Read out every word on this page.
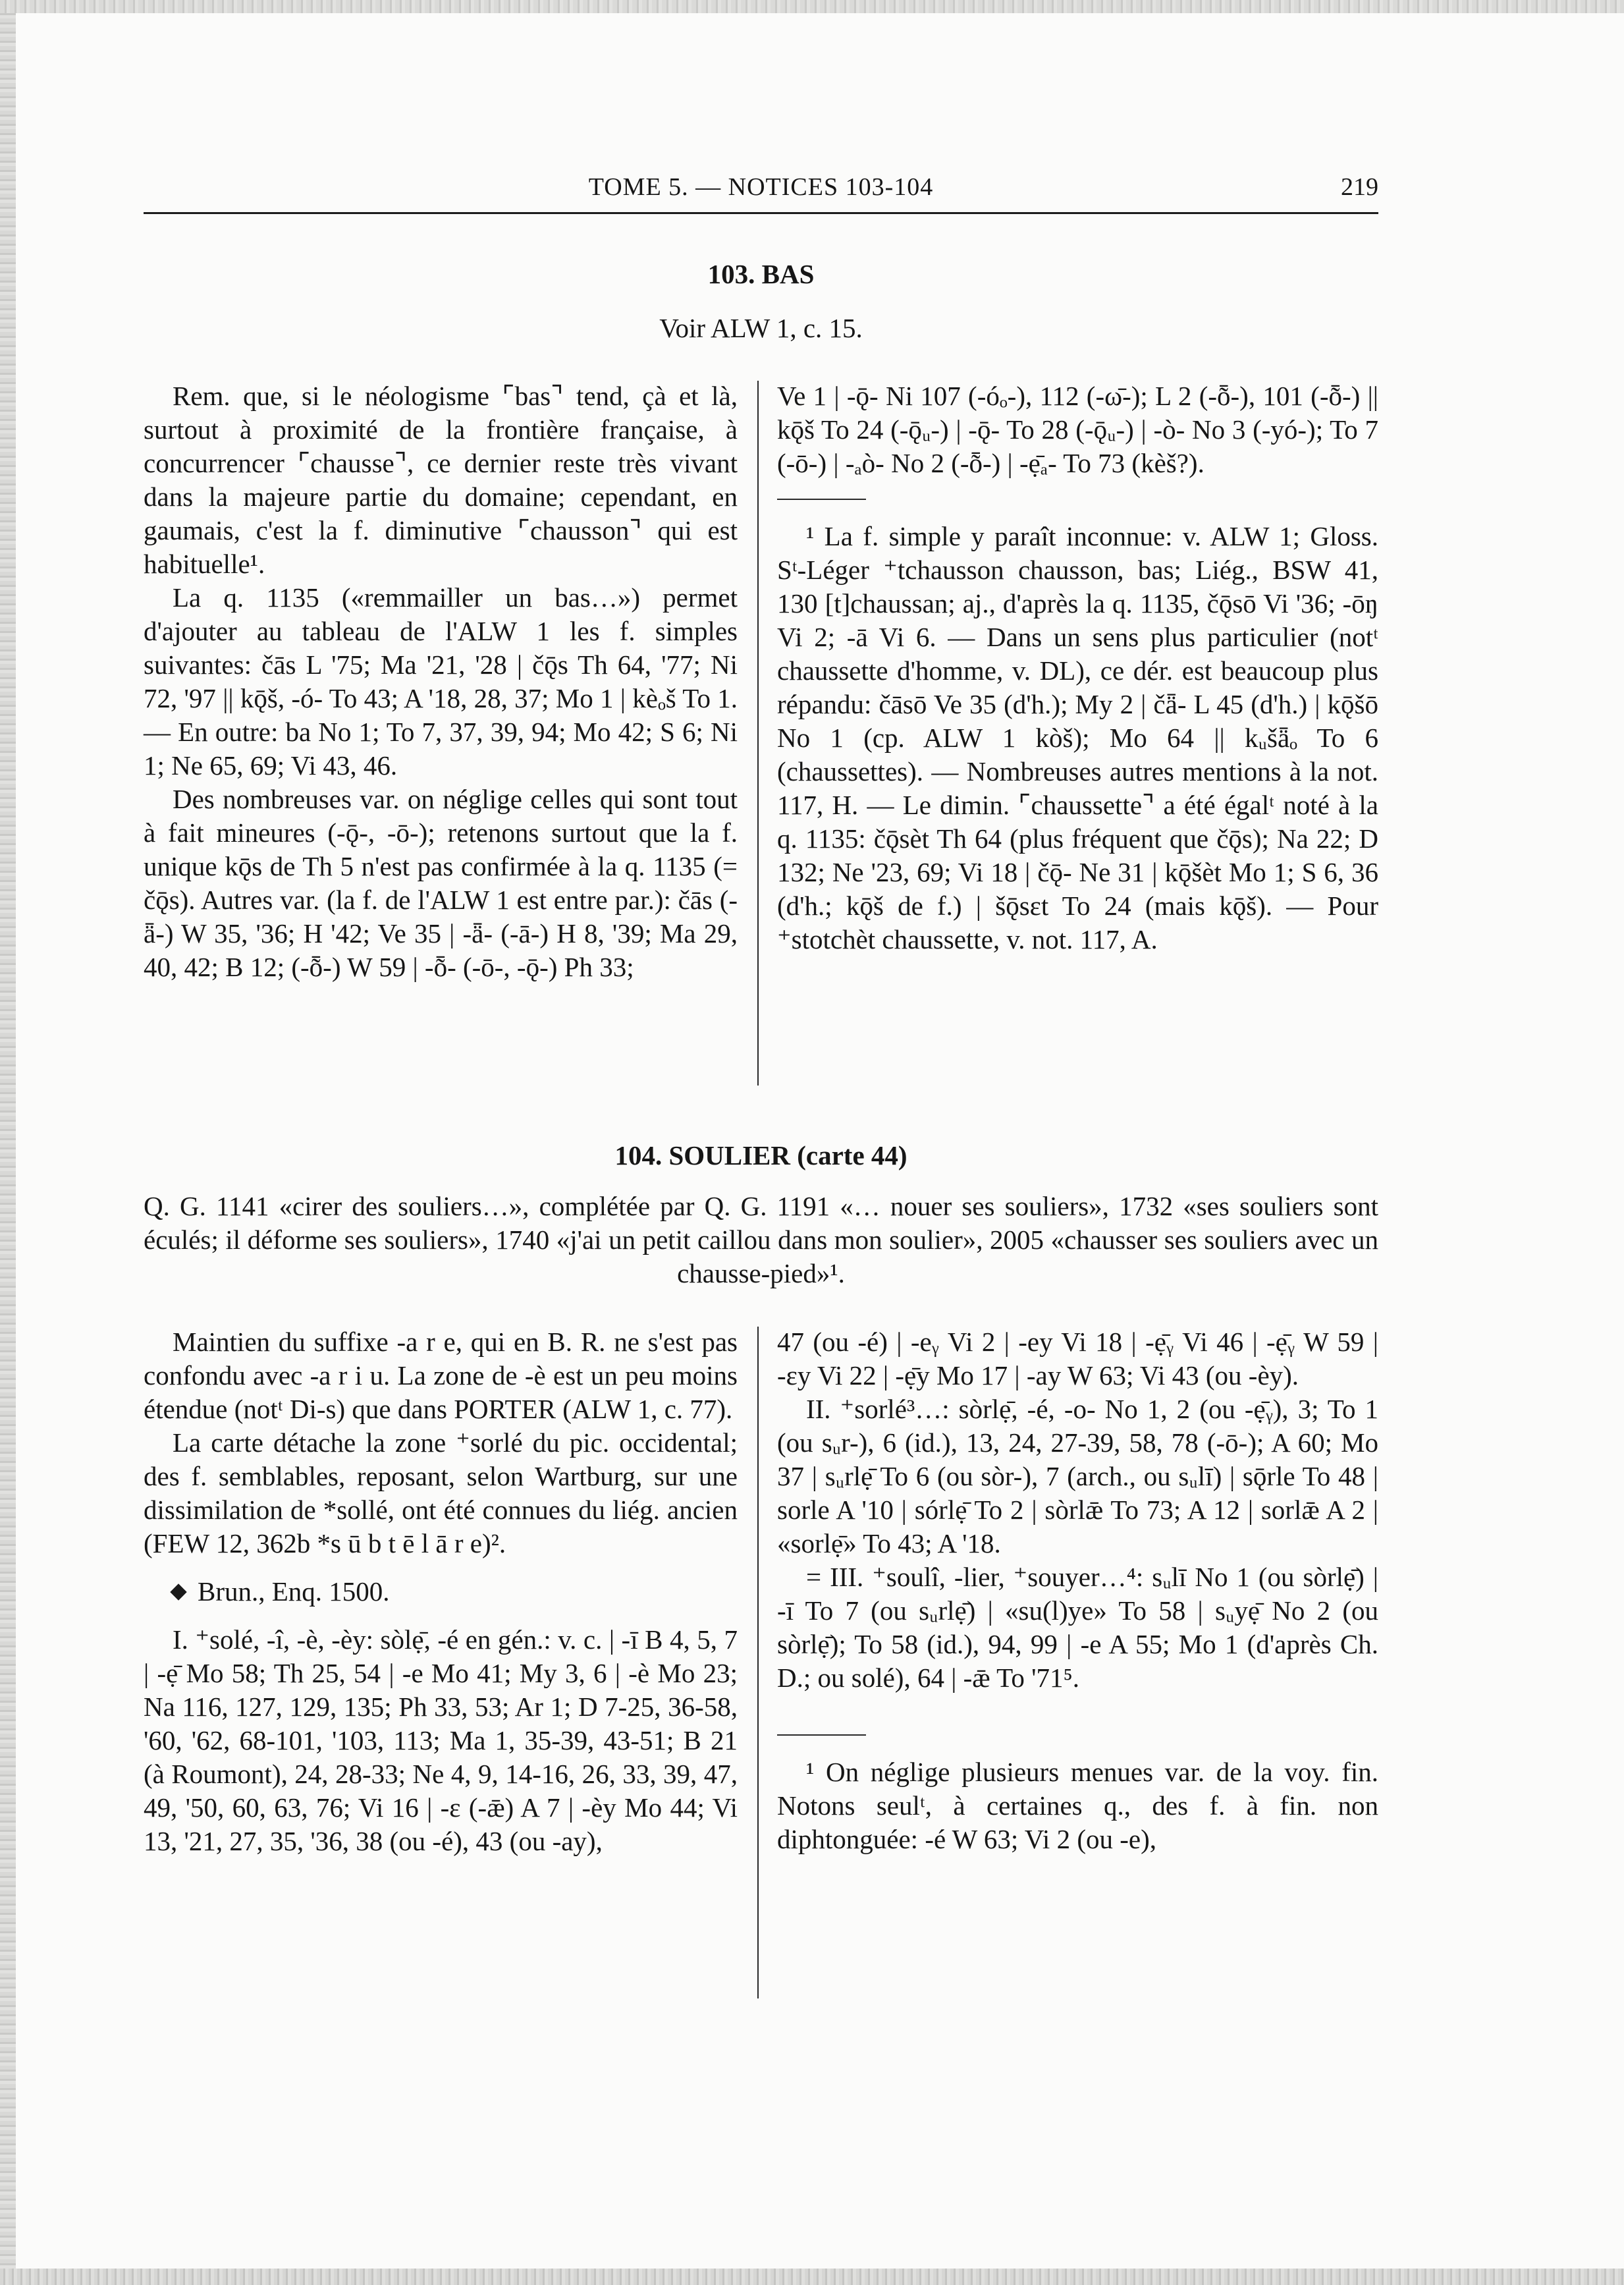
TOME 5. — NOTICES 103-104	219
103. BAS
Voir ALW 1, c. 15.

Rem. que, si le néologisme ⌜bas⌝ tend, çà et là, surtout à proximité de la frontière française, à concurrencer ⌜chausse⌝, ce dernier reste très vivant dans la majeure partie du domaine; cependant, en gaumais, c'est la f. diminutive ⌜chausson⌝ qui est habituelle¹.

La q. 1135 («remmailler un bas…») permet d'ajouter au tableau de l'ALW 1 les f. simples suivantes: čās L '75; Ma '21, '28 | čǭs Th 64, '77; Ni 72, '97 || kǭš, -ó- To 43; A '18, 28, 37; Mo 1 | kèₒš To 1. — En outre: ba No 1; To 7, 37, 39, 94; Mo 42; S 6; Ni 1; Ne 65, 69; Vi 43, 46.

Des nombreuses var. on néglige celles qui sont tout à fait mineures (-ǭ-, -ō-); retenons surtout que la f. unique kǭs de Th 5 n'est pas confirmée à la q. 1135 (= čǭs). Autres var. (la f. de l'ALW 1 est entre par.): čās (-ǟ-) W 35, '36; H '42; Ve 35 | -ǟ- (-ā-) H 8, '39; Ma 29, 40, 42; B 12; (-ȭ-) W 59 | -ȭ- (-ō-, -ǭ-) Ph 33;

Ve 1 | -ǭ- Ni 107 (-óₒ-), 112 (-ω̄-); L 2 (-ȭ-), 101 (-ȭ-) || kǭš To 24 (-ǭᵤ-) | -ǭ- To 28 (-ǭᵤ-) | -ò- No 3 (-yó-); To 7 (-ō-) | -ₐò- No 2 (-ȭ-) | -ẹ̄ₐ- To 73 (kèš?).

¹ La f. simple y paraît inconnue: v. ALW 1; Gloss. Sᵗ-Léger ⁺tchausson chausson, bas; Liég., BSW 41, 130 [t]chaussan; aj., d'après la q. 1135, čǭsō Vi '36; -ōŋ Vi 2; -ā Vi 6. — Dans un sens plus particulier (notᵗ chaussette d'homme, v. DL), ce dér. est beaucoup plus répandu: čāsō Ve 35 (d'h.); My 2 | čǟ- L 45 (d'h.) | kǭšō No 1 (cp. ALW 1 kòš); Mo 64 || kᵤšǟₒ To 6 (chaussettes). — Nombreuses autres mentions à la not. 117, H. — Le dimin. ⌜chaussette⌝ a été égalᵗ noté à la q. 1135: čǭsèt Th 64 (plus fréquent que čǭs); Na 22; D 132; Ne '23, 69; Vi 18 | čǭ- Ne 31 | kǭšèt Mo 1; S 6, 36 (d'h.; kǭš de f.) | šǭsɛt To 24 (mais kǭš). — Pour ⁺stotchèt chaussette, v. not. 117, A.

104. SOULIER (carte 44)
Q. G. 1141 «cirer des souliers…», complétée par Q. G. 1191 «… nouer ses souliers», 1732 «ses souliers sont éculés; il déforme ses souliers», 1740 «j'ai un petit caillou dans mon soulier», 2005 «chausser ses souliers avec un chausse-pied»¹.

Maintien du suffixe -a r e, qui en B. R. ne s'est pas confondu avec -a r i u. La zone de -è est un peu moins étendue (notᵗ Di-s) que dans PORTER (ALW 1, c. 77).

La carte détache la zone ⁺sorlé du pic. occidental; des f. semblables, reposant, selon Wartburg, sur une dissimilation de *sollé, ont été connues du liég. ancien (FEW 12, 362b *s ū b t ē l ā r e)².

Brun., Enq. 1500.

I. ⁺solé, -î, -è, -èy: sòlẹ̄, -é en gén.: v. c. | -ī B 4, 5, 7 | -ẹ̄ Mo 58; Th 25, 54 | -e Mo 41; My 3, 6 | -è Mo 23; Na 116, 127, 129, 135; Ph 33, 53; Ar 1; D 7-25, 36-58, '60, '62, 68-101, '103, 113; Ma 1, 35-39, 43-51; B 21 (à Roumont), 24, 28-33; Ne 4, 9, 14-16, 26, 33, 39, 47, 49, '50, 60, 63, 76; Vi 16 | -ɛ (-ǣ) A 7 | -èy Mo 44; Vi 13, '21, 27, 35, '36, 38 (ou -é), 43 (ou -ay),

47 (ou -é) | -eᵧ Vi 2 | -ey Vi 18 | -ẹ̄ᵧ Vi 46 | -ẹ̄ᵧ W 59 | -ɛy Vi 22 | -ẹ̄y Mo 17 | -ay W 63; Vi 43 (ou -èy).

II. ⁺sorlé³…: sòrlẹ̄, -é, -o- No 1, 2 (ou -ẹ̄ᵧ), 3; To 1 (ou sᵤr-), 6 (id.), 13, 24, 27-39, 58, 78 (-ō-); A 60; Mo 37 | sᵤrlẹ̄ To 6 (ou sòr-), 7 (arch., ou sᵤlī) | sǭrle To 48 | sorle A '10 | sórlẹ̄ To 2 | sòrlǣ To 73; A 12 | sorlǣ A 2 | «sorlẹ̄» To 43; A '18.

= III. ⁺soulî, -lier, ⁺souyer…⁴: sᵤlī No 1 (ou sòrlẹ̄) | -ī To 7 (ou sᵤrlẹ̄) | «su(l)ye» To 58 | sᵤyẹ̄ No 2 (ou sòrlẹ̄); To 58 (id.), 94, 99 | -e A 55; Mo 1 (d'après Ch. D.; ou solé), 64 | -ǣ To '71⁵.

¹ On néglige plusieurs menues var. de la voy. fin. Notons seulᵗ, à certaines q., des f. à fin. non diphtonguée: -é W 63; Vi 2 (ou -e),
